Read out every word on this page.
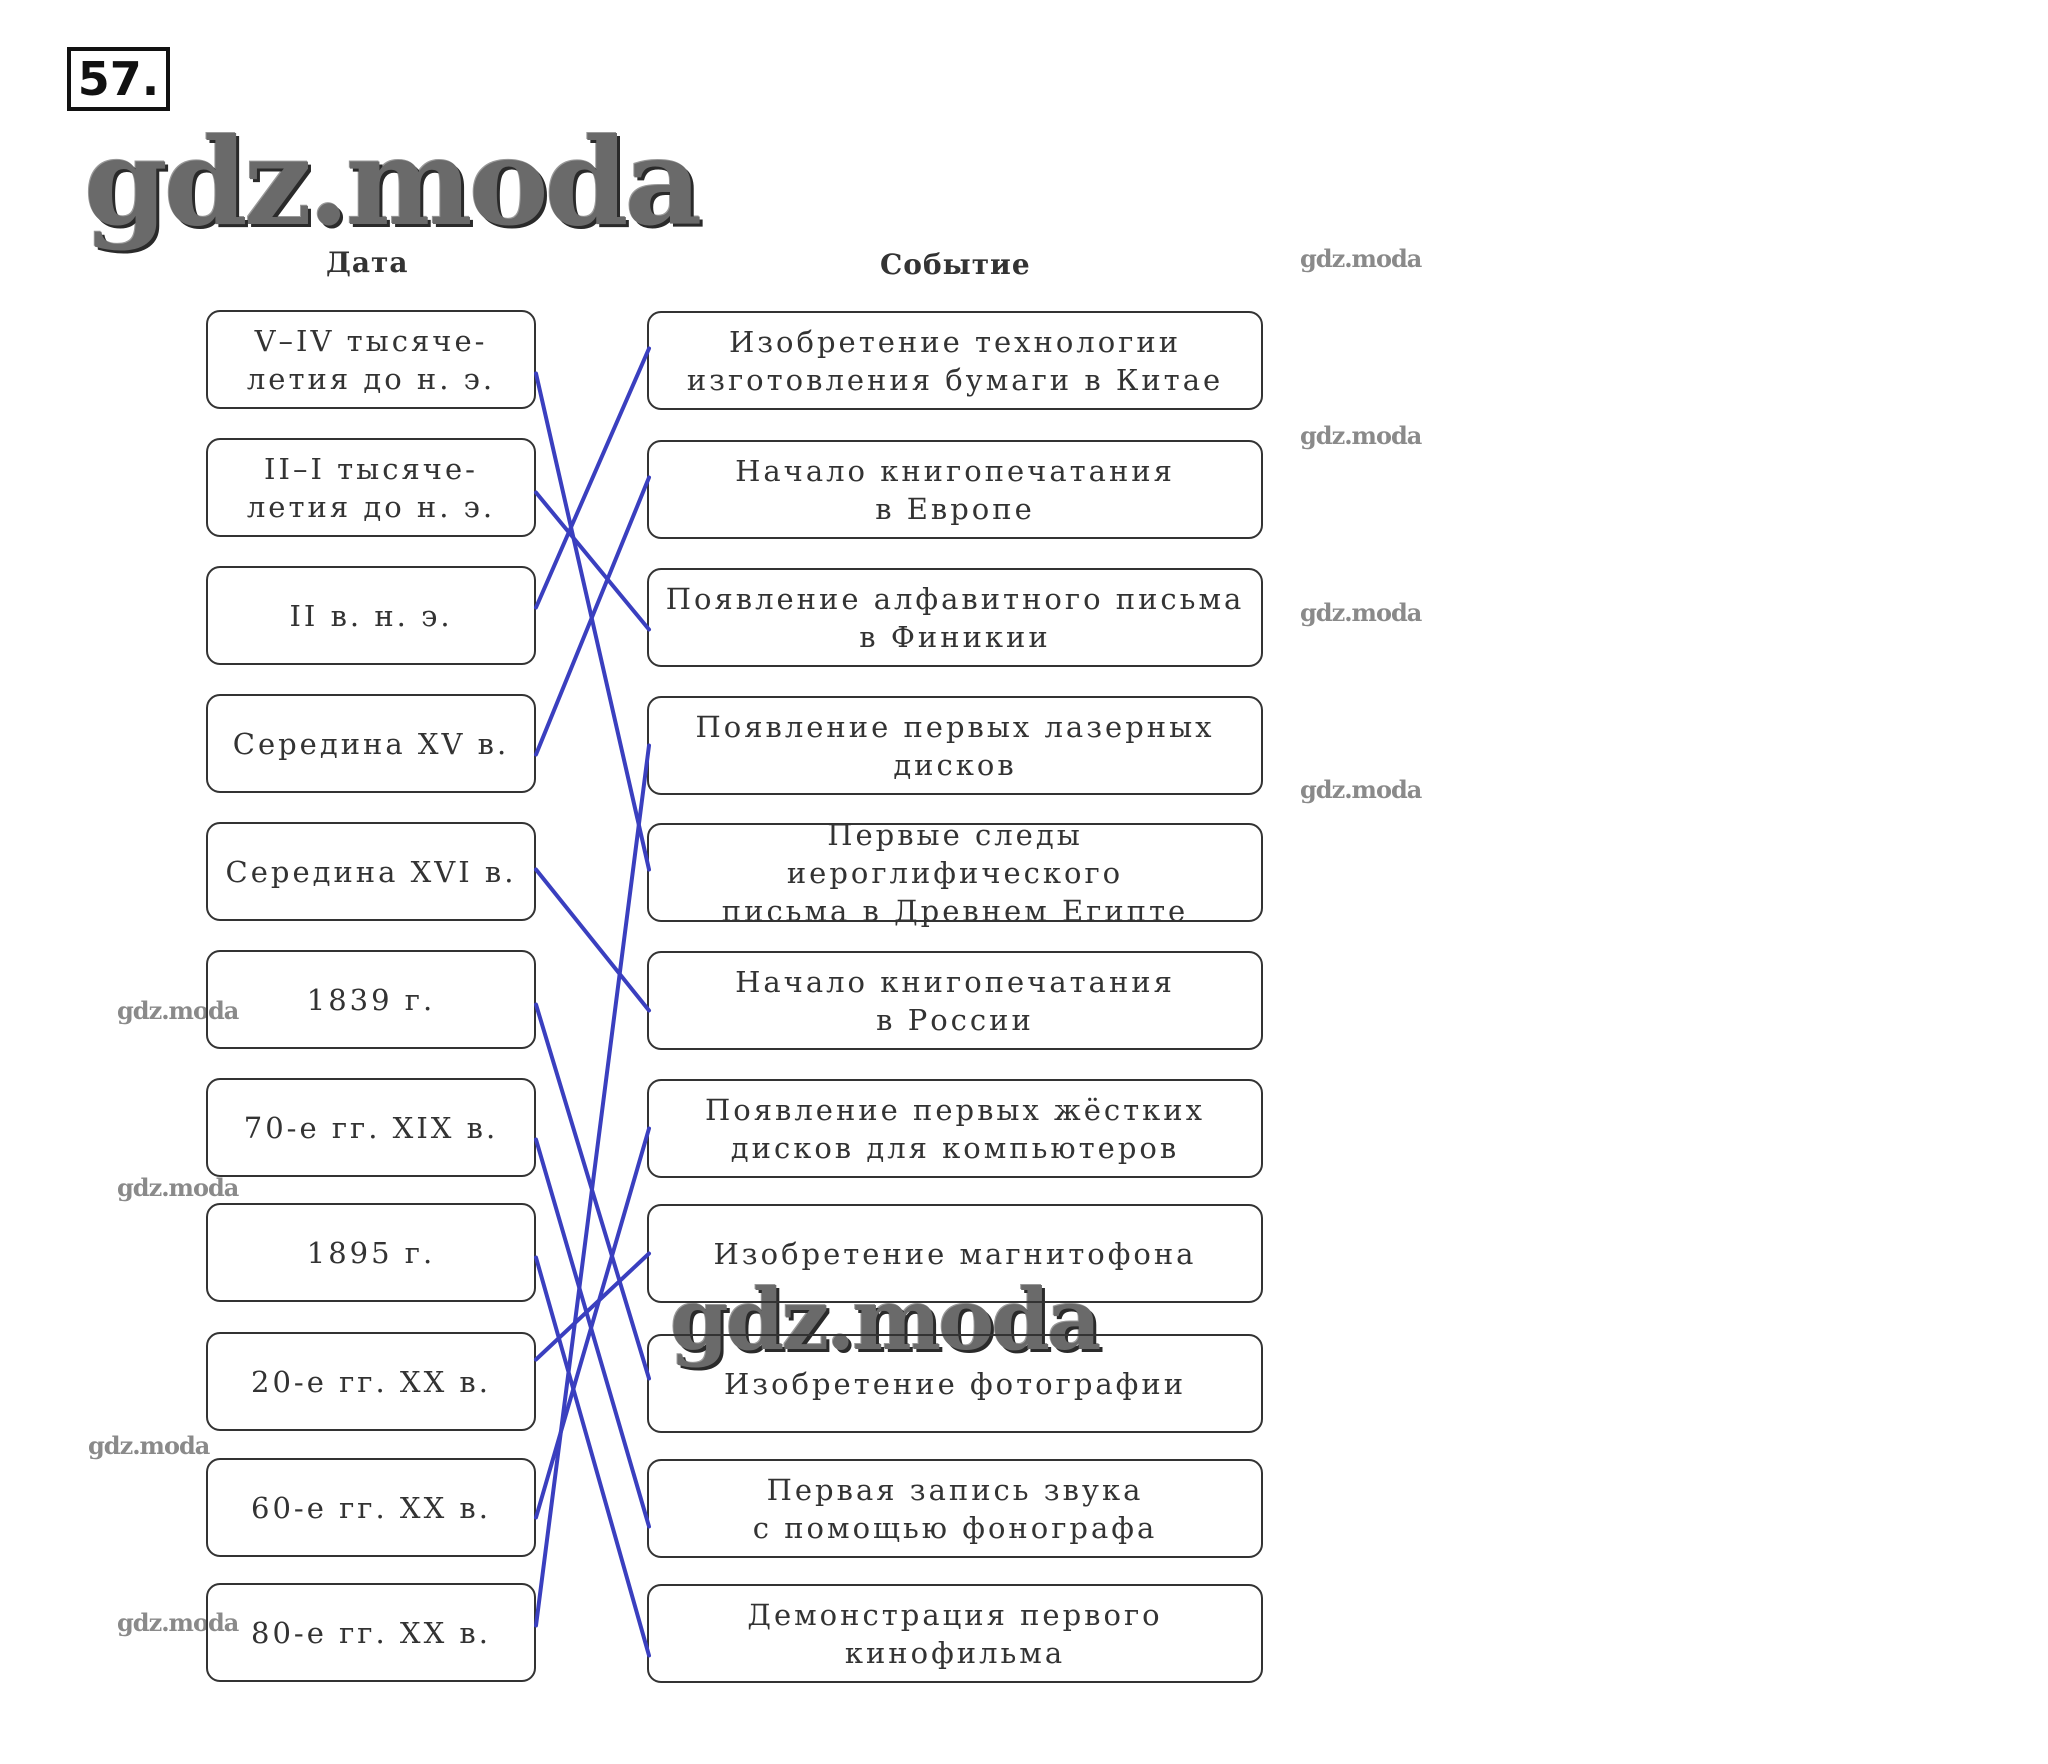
57.
gdz.moda
gdz.moda
gdz.moda
gdz.moda
gdz.moda
gdz.moda
gdz.moda
gdz.moda
gdz.moda
gdz.moda
Дата	Событие
V–IV тысяче-
летия до н. э.
II–I тысяче-
летия до н. э.
II в. н. э.
Середина XV в.
Середина XVI в.
1839 г.
70-е гг. XIX в.
1895 г.
20-е гг. XX в.
60-е гг. XX в.
80-е гг. XX в.
Изобретение технологии
изготовления бумаги в Китае
Начало книгопечатания
в Европе
Появление алфавитного письма
в Финикии
Появление первых лазерных
дисков
Первые следы иероглифического
письма в Древнем Египте
Начало книгопечатания
в России
Появление первых жёстких
дисков для компьютеров
Изобретение магнитофона
Изобретение фотографии
Первая запись звука
с помощью фонографа
Демонстрация первого
кинофильма
